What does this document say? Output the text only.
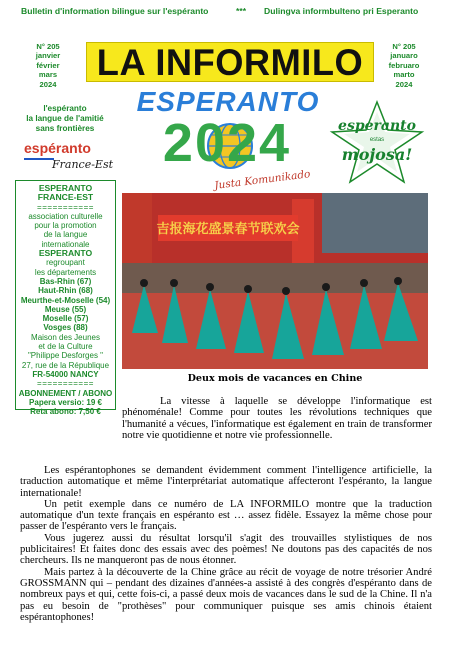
Bulletin d'information bilingue sur l'espéranto	*** Dulingva informbulteno pri Esperanto
N° 205
janvier
février
mars
2024
LA INFORMILO	N° 205
januaro
februaro
marto
2024
ESPERANTO
2024
Justa Komunikado
l'espéranto
la langue de l'amitié
sans frontières
espéranto
France-Est
esperanto
estas
mojosa!
ESPERANTO
FRANCE-EST
===========
association culturelle
pour la promotion
de la langue
internationale
ESPERANTO
regroupant
les départements
Bas-Rhin (67)
Haut-Rhin (68)
Meurthe-et-Moselle (54)
Meuse (55)
Moselle (57)
Vosges (88)
Maison des Jeunes
et de la Culture
"Philippe Desforges "
27, rue de la République
FR-54000 NANCY
===========
ABONNEMENT / ABONO
Papera versio: 19 €
Reta abono: 7,50 €
吉报海花盛景春节联欢会
Deux mois de vacances en Chine

La vitesse à laquelle se développe l'informatique est phénoménale! Comme pour toutes les révolutions techniques que l'humanité a vécues, l'informatique est également en train de transformer notre vie quotidienne et notre vie professionnelle.

Les espérantophones se demandent évidemment comment l'intelligence artificielle, la traduction automatique et même l'interprétariat automatique affecteront l'espéranto, la langue internationale!

Un petit exemple dans ce numéro de LA INFORMILO montre que la traduction automatique d'un texte français en espéranto est … assez fidèle. Essayez la même chose pour passer de l'espéranto vers le français.

Vous jugerez aussi du résultat lorsqu'il s'agit des trouvailles stylistiques de nos publicitaires! Et faites donc des essais avec des poèmes! Ne doutons pas des capacités de nos chercheurs. Ils ne manqueront pas de nous étonner.

Mais partez à la découverte de la Chine grâce au récit de voyage de notre trésorier André GROSSMANN qui – pendant des dizaines d'années-a assisté à des congrès d'espéranto dans de nombreux pays et qui, cette fois-ci, a passé deux mois de vacances dans le sud de la Chine. Il n'a pas eu besoin de "prothèses" pour communiquer puisque ses amis chinois étaient espérantophones!
